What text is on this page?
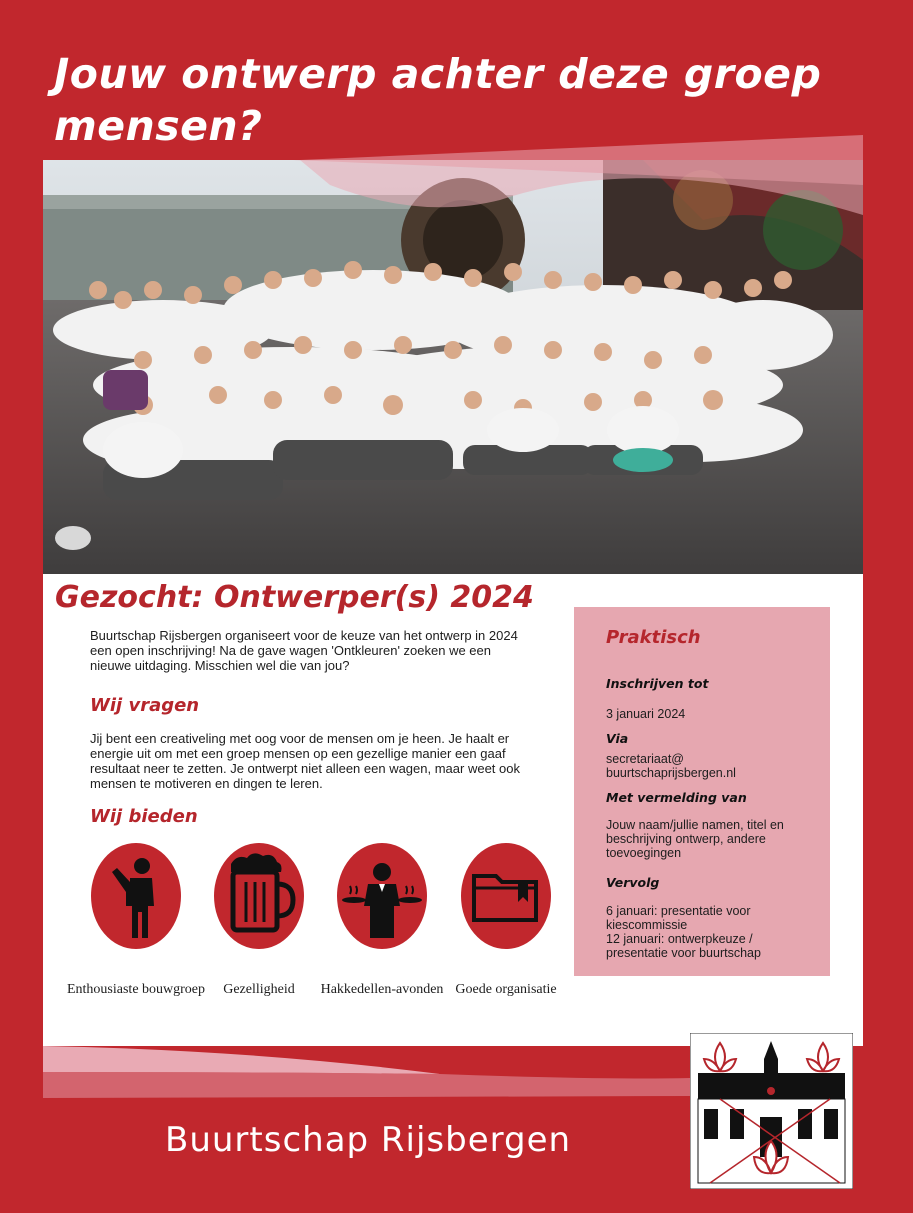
Jouw ontwerp achter deze groep mensen?
Gezocht: Ontwerper(s) 2024

Buurtschap Rijsbergen organiseert voor de keuze van het ontwerp in 2024 een open inschrijving! Na de gave wagen 'Ontkleuren' zoeken we een nieuwe uitdaging. Misschien wel die van jou?

Wij vragen

Jij bent een creativeling met oog voor de mensen om je heen. Je haalt er energie uit om met een groep mensen op een gezellige manier een gaaf resultaat neer te zetten. Je ontwerpt niet alleen een wagen, maar weet ook mensen te motiveren en dingen te leren.

Wij bieden
Enthousiaste bouwgroep	Gezelligheid	Hakkedellen-avonden Goede organisatie
Praktisch

Inschrijven tot

3 januari 2024

Via

secretariaat@
buurtschaprijsbergen.nl

Met vermelding van

Jouw naam/jullie namen, titel en beschrijving ontwerp, andere toevoegingen

Vervolg

6 januari: presentatie voor kiescommissie
12 januari: ontwerpkeuze / presentatie voor buurtschap

Buurtschap Rijsbergen
